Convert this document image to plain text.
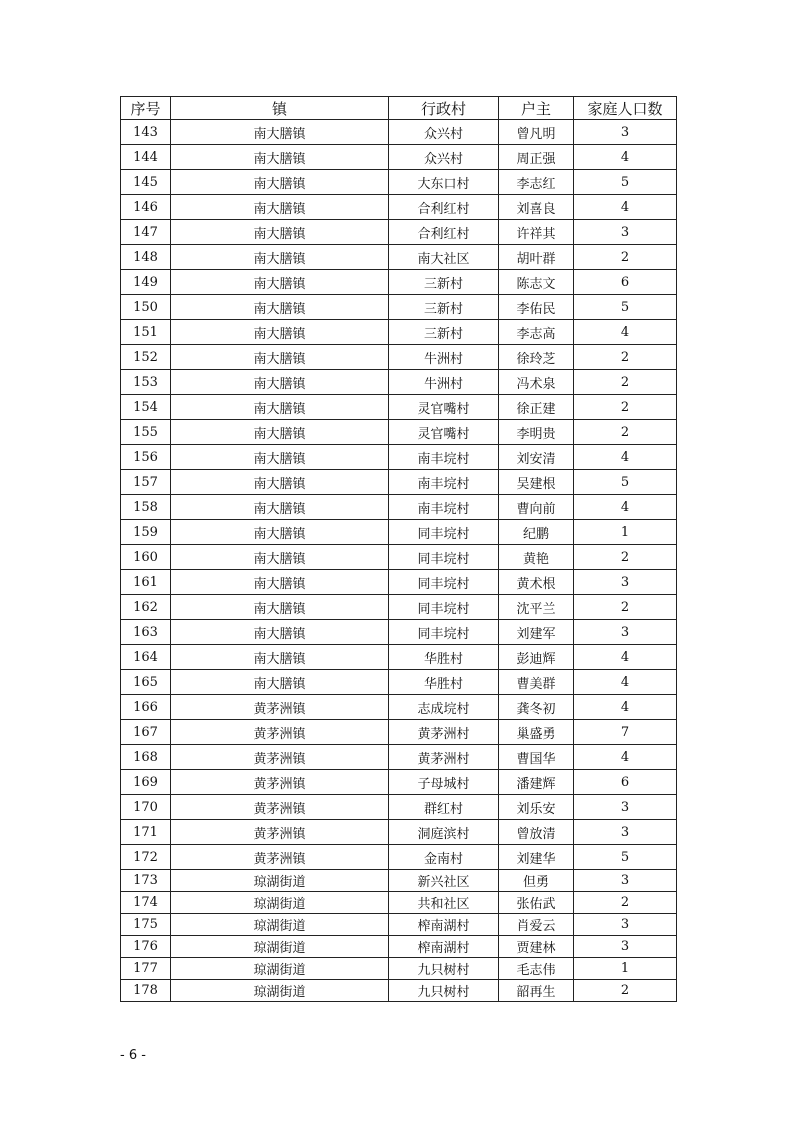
序号	镇	行政村	户主	家庭人口数
143	南大膳镇	众兴村	曾凡明	3
144	南大膳镇	众兴村	周正强	4
145	南大膳镇	大东口村	李志红	5
146	南大膳镇	合利红村	刘喜良	4
147	南大膳镇	合利红村	许祥其	3
148	南大膳镇	南大社区	胡叶群	2
149	南大膳镇	三新村	陈志文	6
150	南大膳镇	三新村	李佑民	5
151	南大膳镇	三新村	李志高	4
152	南大膳镇	牛洲村	徐玲芝	2
153	南大膳镇	牛洲村	冯术泉	2
154	南大膳镇	灵官嘴村	徐正建	2
155	南大膳镇	灵官嘴村	李明贵	2
156	南大膳镇	南丰垸村	刘安清	4
157	南大膳镇	南丰垸村	吴建根	5
158	南大膳镇	南丰垸村	曹向前	4
159	南大膳镇	同丰垸村	纪鹏	1
160	南大膳镇	同丰垸村	黄艳	2
161	南大膳镇	同丰垸村	黄术根	3
162	南大膳镇	同丰垸村	沈平兰	2
163	南大膳镇	同丰垸村	刘建军	3
164	南大膳镇	华胜村	彭迪辉	4
165	南大膳镇	华胜村	曹美群	4
166	黄茅洲镇	志成垸村	龚冬初	4
167	黄茅洲镇	黄茅洲村	巢盛勇	7
168	黄茅洲镇	黄茅洲村	曹国华	4
169	黄茅洲镇	子母城村	潘建辉	6
170	黄茅洲镇	群红村	刘乐安	3
171	黄茅洲镇	洞庭滨村	曾放清	3
172	黄茅洲镇	金南村	刘建华	5
173	琼湖街道	新兴社区	但勇	3
174	琼湖街道	共和社区	张佑武	2
175	琼湖街道	榨南湖村	肖爱云	3
176	琼湖街道	榨南湖村	贾建林	3
177	琼湖街道	九只树村	毛志伟	1
178	琼湖街道	九只树村	韶再生	2
- 6 -
